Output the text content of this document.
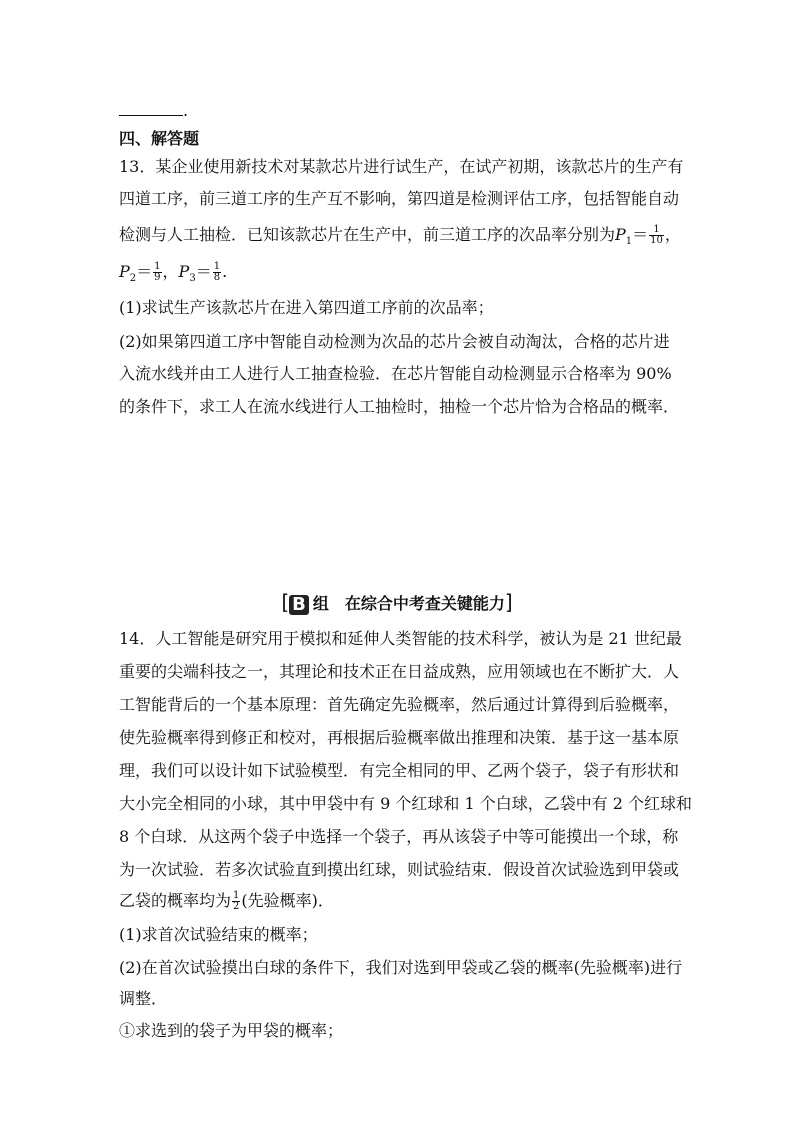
.
四、解答题
13．某企业使用新技术对某款芯片进行试生产，在试产初期，该款芯片的生产有
四道工序，前三道工序的生产互不影响，第四道是检测评估工序，包括智能自动
检测与人工抽检．已知该款芯片在生产中，前三道工序的次品率分别为$P_1= \frac{1}{10}$ ，
$P_2= \frac{1}{9}$ ，$P_3= \frac{1}{8}$ .
(1)求试生产该款芯片在进入第四道工序前的次品率；
(2)如果第四道工序中智能自动检测为次品的芯片会被自动淘汰，合格的芯片进
入流水线并由工人进行人工抽查检验．在芯片智能自动检测显示合格率为 90%
的条件下，求工人在流水线进行人工抽检时，抽检一个芯片恰为合格品的概率．
[ B 组　在综合中考查关键能力]
14．人工智能是研究用于模拟和延伸人类智能的技术科学，被认为是 21 世纪最
重要的尖端科技之一，其理论和技术正在日益成熟，应用领域也在不断扩大．人
工智能背后的一个基本原理：首先确定先验概率，然后通过计算得到后验概率，
使先验概率得到修正和校对，再根据后验概率做出推理和决策．基于这一基本原
理，我们可以设计如下试验模型．有完全相同的甲、乙两个袋子，袋子有形状和
大小完全相同的小球，其中甲袋中有 9 个红球和 1 个白球，乙袋中有 2 个红球和
8 个白球．从这两个袋子中选择一个袋子，再从该袋子中等可能摸出一个球，称
为一次试验．若多次试验直到摸出红球，则试验结束．假设首次试验选到甲袋或
乙袋的概率均为 $\frac{1}{2}$ (先验概率)．
(1)求首次试验结束的概率；
(2)在首次试验摸出白球的条件下，我们对选到甲袋或乙袋的概率(先验概率)进行
调整．
①求选到的袋子为甲袋的概率；
